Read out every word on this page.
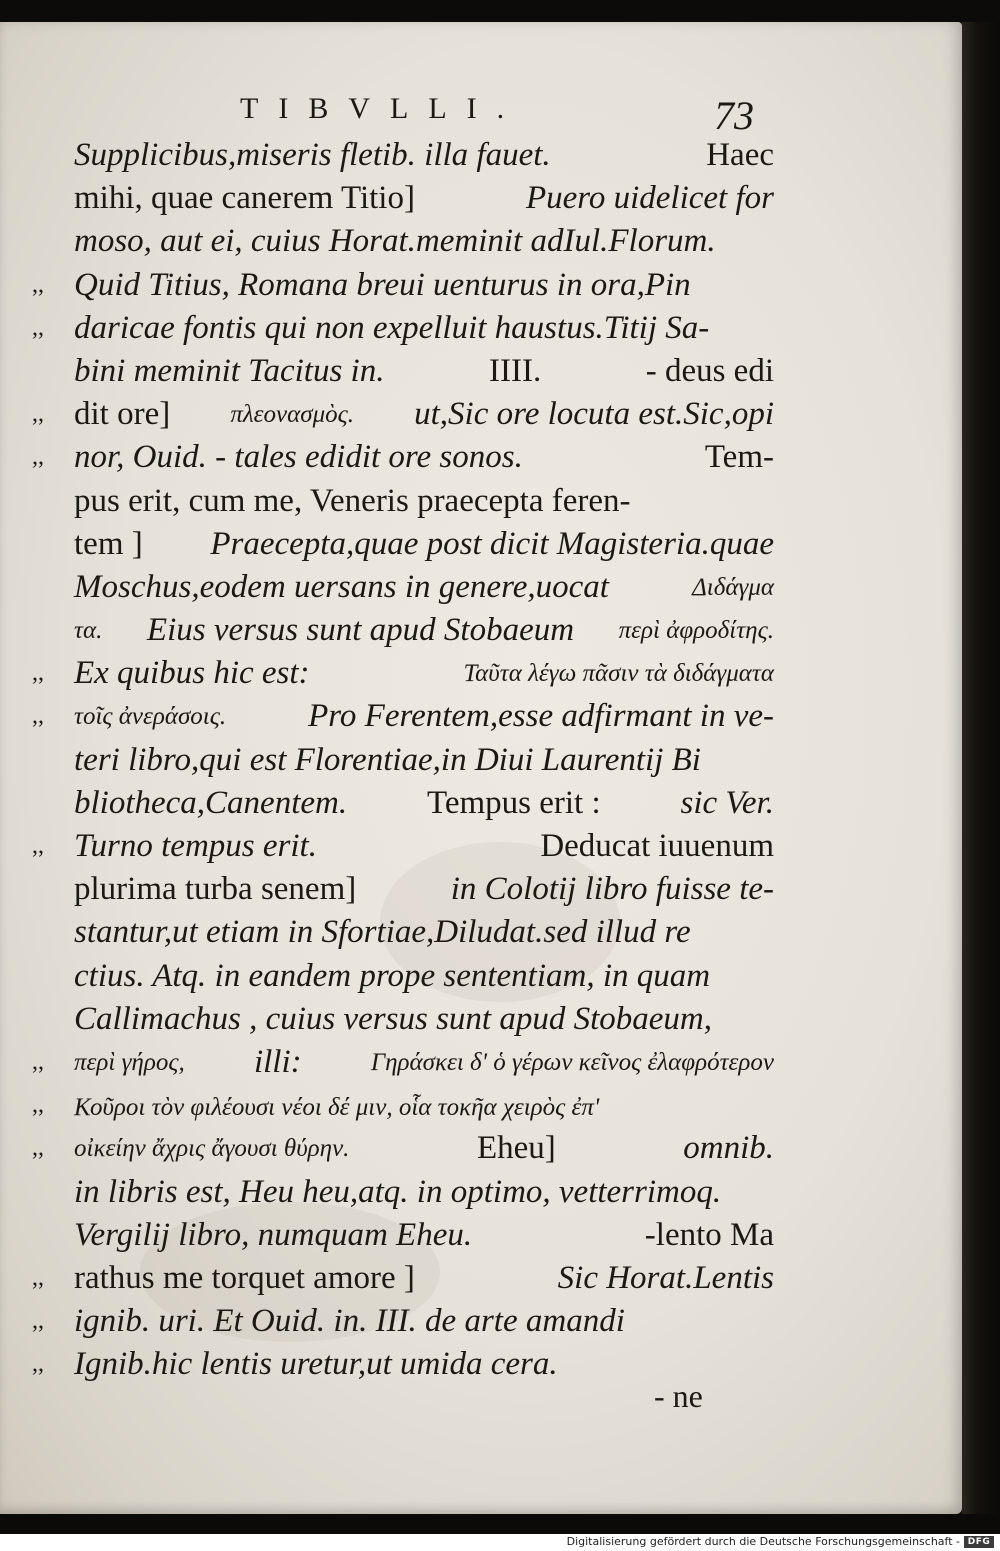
TIBVLLI.	73
Supplicibus,miseris fletib. illa fauet.	Haec
mihi, quae canerem Titio]	Puero uidelicet for
moso, aut ei, cuius Horat.meminit adIul.Florum.
,, Quid Titius, Romana breui uenturus in ora,Pin
,, daricae fontis qui non expelluit haustus.Titij Sa-
bini meminit Tacitus in.	IIII.	- deus edi
,, dit ore] πλεονασμὸς. ut,Sic ore locuta est.Sic,opi
,, nor, Ouid. - tales edidit ore sonos.	Tem-
pus erit, cum me, Veneris praecepta feren-
tem ] Praecepta,quae post dicit Magisteria.quae
Moschus,eodem uersans in genere,uocat	Διδάγμα
τα. Eius versus sunt apud Stobaeum περὶ ἀφροδίτης.
,, Ex quibus hic est:	Ταῦτα λέγω πᾶσιν τὰ διδάγματα
,, τοῖς ἀνεράσοις. Pro Ferentem,esse adfirmant in ve-
teri libro,qui est Florentiae,in Diui Laurentij Bi
bliotheca,Canentem. Tempus erit : sic Ver.
,, Turno tempus erit.	Deducat iuuenum
plurima turba senem]	in Colotij libro fuisse te-
stantur,ut etiam in Sfortiae,Diludat.sed illud re
ctius. Atq. in eandem prope sententiam, in quam
Callimachus , cuius versus sunt apud Stobaeum,
,, περὶ γήρος, illi:	Γηράσκει δ' ὁ γέρων κεῖνος ἐλαφρότερον
,, Κοῦροι τὸν φιλέουσι νέοι δέ μιν, οἷα τοκῆα χειρὸς ἐπ'
,, οἰκείην ἄχρις ἄγουσι θύρην.	Eheu]	omnib.
in libris est, Heu heu,atq. in optimo, vetterrimoq.
Vergilij libro, numquam Eheu.	-lento Ma
,, rathus me torquet amore ]	Sic Horat.Lentis
,, ignib. uri. Et Ouid. in. III. de arte amandi
,, Ignib.hic lentis uretur,ut umida cera.
- ne
Digitalisierung gefördert durch die Deutsche Forschungsgemeinschaft - DFG
